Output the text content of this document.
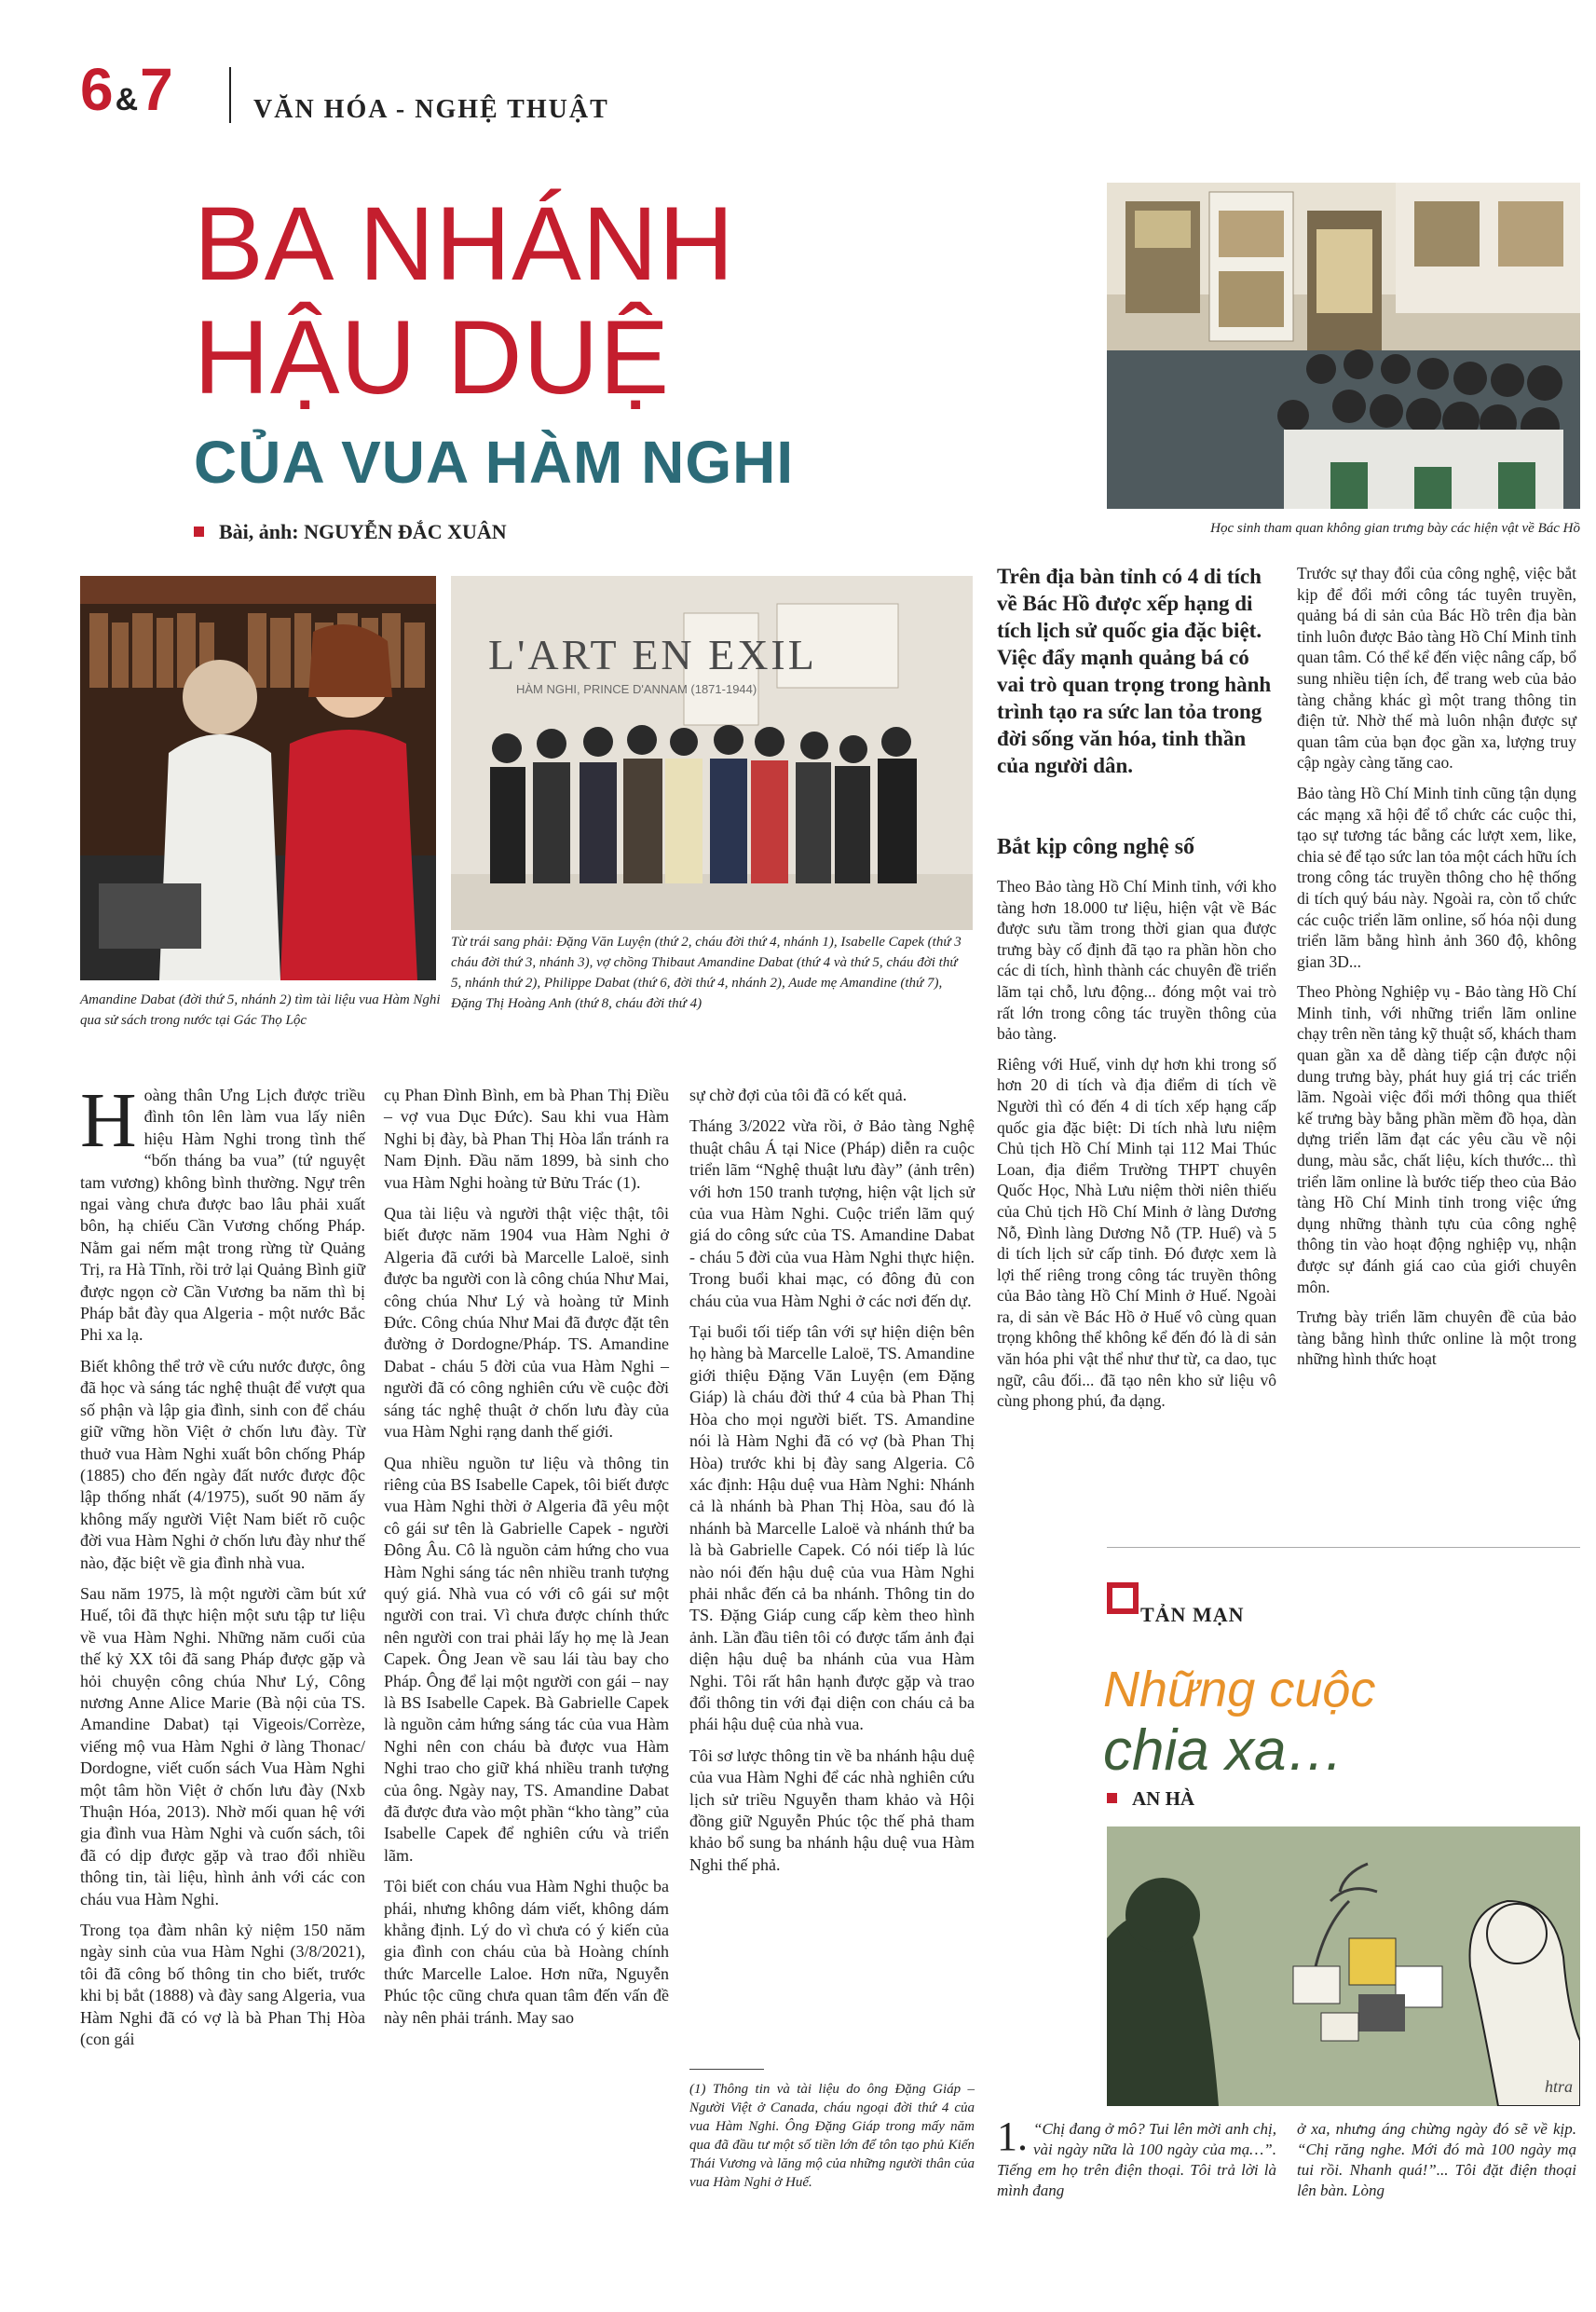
6&7	VĂN HÓA - NGHỆ THUẬT
BA NHÁNH
HẬU DUỆ
CỦA VUA HÀM NGHI
Bài, ảnh: NGUYỄN ĐẮC XUÂN	Học sinh tham quan không gian trưng bày các hiện vật về Bác Hồ
Amandine Dabat (đời thứ 5, nhánh 2) tìm tài liệu vua Hàm Nghi qua sử sách trong nước tại Gác Thọ Lộc
L'ART EN EXIL
HÀM NGHI, PRINCE D'ANNAM (1871-1944)
Từ trái sang phải: Đặng Văn Luyện (thứ 2, cháu đời thứ 4, nhánh 1), Isabelle Capek (thứ 3 cháu đời thứ 3, nhánh 3), vợ chồng Thibaut Amandine Dabat (thứ 4 và thứ 5, cháu đời thứ 5, nhánh thứ 2), Philippe Dabat (thứ 6, đời thứ 4, nhánh 2), Aude mẹ Amandine (thứ 7), Đặng Thị Hoàng Anh (thứ 8, cháu đời thứ 4)

Hoàng thân Ưng Lịch được triều đình tôn lên làm vua lấy niên hiệu Hàm Nghi trong tình thế “bốn tháng ba vua” (tứ nguyệt tam vương) không bình thường. Ngự trên ngai vàng chưa được bao lâu phải xuất bôn, hạ chiếu Cần Vương chống Pháp. Nằm gai nếm mật trong rừng từ Quảng Trị, ra Hà Tĩnh, rồi trở lại Quảng Bình giữ được ngọn cờ Cần Vương ba năm thì bị Pháp bắt đày qua Algeria - một nước Bắc Phi xa lạ.

Biết không thể trở về cứu nước được, ông đã học và sáng tác nghệ thuật để vượt qua số phận và lập gia đình, sinh con để cháu giữ vững hồn Việt ở chốn lưu đày. Từ thuở vua Hàm Nghi xuất bôn chống Pháp (1885) cho đến ngày đất nước được độc lập thống nhất (4/1975), suốt 90 năm ấy không mấy người Việt Nam biết rõ cuộc đời vua Hàm Nghi ở chốn lưu đày như thế nào, đặc biệt về gia đình nhà vua.

Sau năm 1975, là một người cầm bút xứ Huế, tôi đã thực hiện một sưu tập tư liệu về vua Hàm Nghi. Những năm cuối của thế kỷ XX tôi đã sang Pháp được gặp và hỏi chuyện công chúa Như Lý, Công nương Anne Alice Marie (Bà nội của TS. Amandine Dabat) tại Vigeois/Corrèze, viếng mộ vua Hàm Nghi ở làng Thonac/ Dordogne, viết cuốn sách Vua Hàm Nghi một tâm hồn Việt ở chốn lưu đày (Nxb Thuận Hóa, 2013). Nhờ mối quan hệ với gia đình vua Hàm Nghi và cuốn sách, tôi đã có dịp được gặp và trao đổi nhiều thông tin, tài liệu, hình ảnh với các con cháu vua Hàm Nghi.

Trong tọa đàm nhân kỷ niệm 150 năm ngày sinh của vua Hàm Nghi (3/8/2021), tôi đã công bố thông tin cho biết, trước khi bị bắt (1888) và đày sang Algeria, vua Hàm Nghi đã có vợ là bà Phan Thị Hòa (con gái

cụ Phan Đình Bình, em bà Phan Thị Điều – vợ vua Dục Đức). Sau khi vua Hàm Nghi bị đày, bà Phan Thị Hòa lẩn tránh ra Nam Định. Đầu năm 1899, bà sinh cho vua Hàm Nghi hoàng tử Bửu Trác (1).

Qua tài liệu và người thật việc thật, tôi biết được năm 1904 vua Hàm Nghi ở Algeria đã cưới bà Marcelle Laloë, sinh được ba người con là công chúa Như Mai, công chúa Như Lý và hoàng tử Minh Đức. Công chúa Như Mai đã được đặt tên đường ở Dordogne/Pháp. TS. Amandine Dabat - cháu 5 đời của vua Hàm Nghi – người đã có công nghiên cứu về cuộc đời sáng tác nghệ thuật ở chốn lưu đày của vua Hàm Nghi rạng danh thế giới.

Qua nhiều nguồn tư liệu và thông tin riêng của BS Isabelle Capek, tôi biết được vua Hàm Nghi thời ở Algeria đã yêu một cô gái sư tên là Gabrielle Capek - người Đông Âu. Cô là nguồn cảm hứng cho vua Hàm Nghi sáng tác nên nhiều tranh tượng quý giá. Nhà vua có với cô gái sư một người con trai. Vì chưa được chính thức nên người con trai phải lấy họ mẹ là Jean Capek. Ông Jean về sau lái tàu bay cho Pháp. Ông để lại một người con gái – nay là BS Isabelle Capek. Bà Gabrielle Capek là nguồn cảm hứng sáng tác của vua Hàm Nghi nên con cháu bà được vua Hàm Nghi trao cho giữ khá nhiều tranh tượng của ông. Ngày nay, TS. Amandine Dabat đã được đưa vào một phần “kho tàng” của Isabelle Capek để nghiên cứu và triển lãm.

Tôi biết con cháu vua Hàm Nghi thuộc ba phái, nhưng không dám viết, không dám khẳng định. Lý do vì chưa có ý kiến của gia đình con cháu của bà Hoàng chính thức Marcelle Laloe. Hơn nữa, Nguyễn Phúc tộc cũng chưa quan tâm đến vấn đề này nên phải tránh. May sao

sự chờ đợi của tôi đã có kết quả.

Tháng 3/2022 vừa rồi, ở Bảo tàng Nghệ thuật châu Á tại Nice (Pháp) diễn ra cuộc triển lãm “Nghệ thuật lưu đày” (ảnh trên) với hơn 150 tranh tượng, hiện vật lịch sử của vua Hàm Nghi. Cuộc triển lãm quý giá do công sức của TS. Amandine Dabat - cháu 5 đời của vua Hàm Nghi thực hiện. Trong buổi khai mạc, có đông đủ con cháu của vua Hàm Nghi ở các nơi đến dự.

Tại buổi tối tiếp tân với sự hiện diện bên họ hàng bà Marcelle Laloë, TS. Amandine giới thiệu Đặng Văn Luyện (em Đặng Giáp) là cháu đời thứ 4 của bà Phan Thị Hòa cho mọi người biết. TS. Amandine nói là Hàm Nghi đã có vợ (bà Phan Thị Hòa) trước khi bị đày sang Algeria. Cô xác định: Hậu duệ vua Hàm Nghi: Nhánh cả là nhánh bà Phan Thị Hòa, sau đó là nhánh bà Marcelle Laloë và nhánh thứ ba là bà Gabrielle Capek. Có nói tiếp là lúc nào nói đến hậu duệ của vua Hàm Nghi phải nhắc đến cả ba nhánh. Thông tin do TS. Đặng Giáp cung cấp kèm theo hình ảnh. Lần đầu tiên tôi có được tấm ảnh đại diện hậu duệ ba nhánh của vua Hàm Nghi. Tôi rất hân hạnh được gặp và trao đổi thông tin với đại diện con cháu cả ba phái hậu duệ của nhà vua.

Tôi sơ lược thông tin về ba nhánh hậu duệ của vua Hàm Nghi để các nhà nghiên cứu lịch sử triều Nguyễn tham khảo và Hội đồng giữ Nguyễn Phúc tộc thế phả tham khảo bổ sung ba nhánh hậu duệ vua Hàm Nghi thế phả.

(1) Thông tin và tài liệu do ông Đặng Giáp – Người Việt ở Canada, cháu ngoại đời thứ 4 của vua Hàm Nghi. Ông Đặng Giáp trong mấy năm qua đã đầu tư một số tiền lớn để tôn tạo phủ Kiến Thái Vương và lăng mộ của những người thân của vua Hàm Nghi ở Huế.
Trên địa bàn tỉnh có 4 di tích về Bác Hồ được xếp hạng di tích lịch sử quốc gia đặc biệt. Việc đẩy mạnh quảng bá có vai trò quan trọng trong hành trình tạo ra sức lan tỏa trong đời sống văn hóa, tinh thần của người dân.
Bắt kịp công nghệ số

Theo Bảo tàng Hồ Chí Minh tỉnh, với kho tàng hơn 18.000 tư liệu, hiện vật về Bác được sưu tầm trong thời gian qua được trưng bày cố định đã tạo ra phần hồn cho các di tích, hình thành các chuyên đề triển lãm tại chỗ, lưu động... đóng một vai trò rất lớn trong công tác truyền thông của bảo tàng.

Riêng với Huế, vinh dự hơn khi trong số hơn 20 di tích và địa điểm di tích về Người thì có đến 4 di tích xếp hạng cấp quốc gia đặc biệt: Di tích nhà lưu niệm Chủ tịch Hồ Chí Minh tại 112 Mai Thúc Loan, địa điểm Trường THPT chuyên Quốc Học, Nhà Lưu niệm thời niên thiếu của Chủ tịch Hồ Chí Minh ở làng Dương Nỗ, Đình làng Dương Nỗ (TP. Huế) và 5 di tích lịch sử cấp tỉnh. Đó được xem là lợi thế riêng trong công tác truyền thông của Bảo tàng Hồ Chí Minh ở Huế. Ngoài ra, di sản về Bác Hồ ở Huế vô cùng quan trọng không thể không kể đến đó là di sản văn hóa phi vật thể như thư từ, ca dao, tục ngữ, câu đối... đã tạo nên kho sử liệu vô cùng phong phú, đa dạng.

Trước sự thay đổi của công nghệ, việc bắt kịp để đổi mới công tác tuyên truyền, quảng bá di sản của Bác Hồ trên địa bàn tỉnh luôn được Bảo tàng Hồ Chí Minh tỉnh quan tâm. Có thể kể đến việc nâng cấp, bổ sung nhiều tiện ích, để trang web của bảo tàng chẳng khác gì một trang thông tin điện tử. Nhờ thế mà luôn nhận được sự quan tâm của bạn đọc gần xa, lượng truy cập ngày càng tăng cao.

Bảo tàng Hồ Chí Minh tỉnh cũng tận dụng các mạng xã hội để tổ chức các cuộc thi, tạo sự tương tác bằng các lượt xem, like, chia sẻ để tạo sức lan tỏa một cách hữu ích trong công tác truyền thông cho hệ thống di tích quý báu này. Ngoài ra, còn tổ chức các cuộc triển lãm online, số hóa nội dung triển lãm bằng hình ảnh 360 độ, không gian 3D...

Theo Phòng Nghiệp vụ - Bảo tàng Hồ Chí Minh tỉnh, với những triển lãm online chạy trên nền tảng kỹ thuật số, khách tham quan gần xa dễ dàng tiếp cận được nội dung trưng bày, phát huy giá trị các triển lãm. Ngoài việc đổi mới thông qua thiết kế trưng bày bằng phần mềm đồ họa, dàn dựng triển lãm đạt các yêu cầu về nội dung, màu sắc, chất liệu, kích thước... thì triển lãm online là bước tiếp theo của Bảo tàng Hồ Chí Minh tỉnh trong việc ứng dụng những thành tựu của công nghệ thông tin vào hoạt động nghiệp vụ, nhận được sự đánh giá cao của giới chuyên môn.

Trưng bày triển lãm chuyên đề của bảo tàng bằng hình thức online là một trong những hình thức hoạt

TẢN MẠN
Những cuộc
chia xa…
AN HÀ
htra
1. “Chị đang ở mô? Tui lên mời anh chị, vài ngày nữa là 100 ngày của mạ…”. Tiếng em họ trên điện thoại. Tôi trả lời là mình đang
ở xa, nhưng áng chừng ngày đó sẽ về kịp. “Chị răng nghe. Mới đó mà 100 ngày mạ tui rồi. Nhanh quá!”... Tôi đặt điện thoại lên bàn. Lòng
